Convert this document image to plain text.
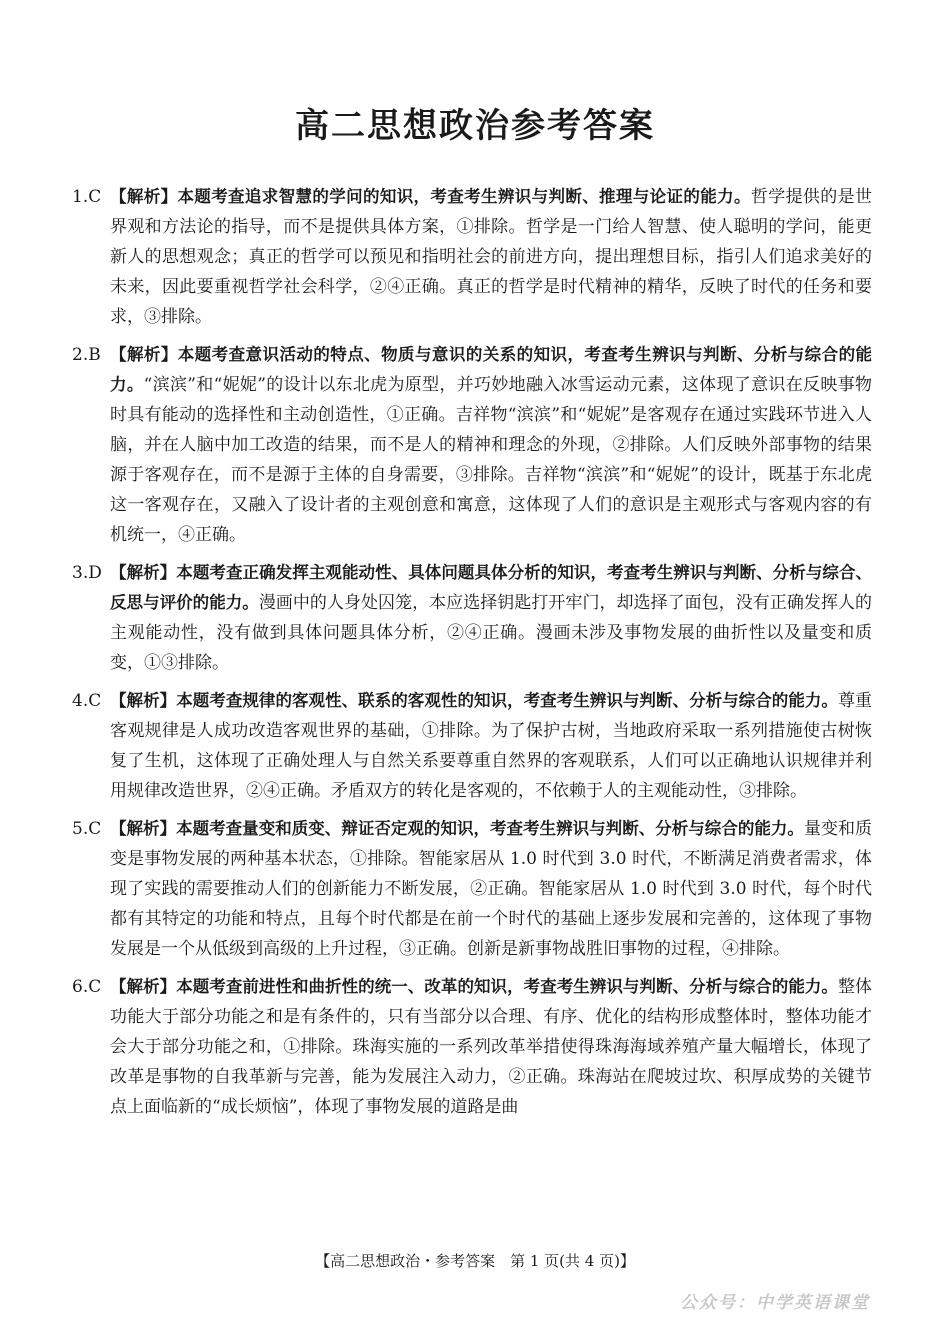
高二思想政治参考答案
1.C 【解析】本题考查追求智慧的学问的知识，考查考生辨识与判断、推理与论证的能力。哲学提供的是世界观和方法论的指导，而不是提供具体方案，①排除。哲学是一门给人智慧、使人聪明的学问，能更新人的思想观念；真正的哲学可以预见和指明社会的前进方向，提出理想目标，指引人们追求美好的未来，因此要重视哲学社会科学，②④正确。真正的哲学是时代精神的精华，反映了时代的任务和要求，③排除。
2.B 【解析】本题考查意识活动的特点、物质与意识的关系的知识，考查考生辨识与判断、分析与综合的能力。“滨滨”和“妮妮”的设计以东北虎为原型，并巧妙地融入冰雪运动元素，这体现了意识在反映事物时具有能动的选择性和主动创造性，①正确。吉祥物“滨滨”和“妮妮”是客观存在通过实践环节进入人脑，并在人脑中加工改造的结果，而不是人的精神和理念的外现，②排除。人们反映外部事物的结果源于客观存在，而不是源于主体的自身需要，③排除。吉祥物“滨滨”和“妮妮”的设计，既基于东北虎这一客观存在，又融入了设计者的主观创意和寓意，这体现了人们的意识是主观形式与客观内容的有机统一，④正确。
3.D 【解析】本题考查正确发挥主观能动性、具体问题具体分析的知识，考查考生辨识与判断、分析与综合、反思与评价的能力。漫画中的人身处囚笼，本应选择钥匙打开牢门，却选择了面包，没有正确发挥人的主观能动性，没有做到具体问题具体分析，②④正确。漫画未涉及事物发展的曲折性以及量变和质变，①③排除。
4.C 【解析】本题考查规律的客观性、联系的客观性的知识，考查考生辨识与判断、分析与综合的能力。尊重客观规律是人成功改造客观世界的基础，①排除。为了保护古树，当地政府采取一系列措施使古树恢复了生机，这体现了正确处理人与自然关系要尊重自然界的客观联系，人们可以正确地认识规律并利用规律改造世界，②④正确。矛盾双方的转化是客观的，不依赖于人的主观能动性，③排除。
5.C 【解析】本题考查量变和质变、辩证否定观的知识，考查考生辨识与判断、分析与综合的能力。量变和质变是事物发展的两种基本状态，①排除。智能家居从 1.0 时代到 3.0 时代，不断满足消费者需求，体现了实践的需要推动人们的创新能力不断发展，②正确。智能家居从 1.0 时代到 3.0 时代，每个时代都有其特定的功能和特点，且每个时代都是在前一个时代的基础上逐步发展和完善的，这体现了事物发展是一个从低级到高级的上升过程，③正确。创新是新事物战胜旧事物的过程，④排除。
6.C 【解析】本题考查前进性和曲折性的统一、改革的知识，考查考生辨识与判断、分析与综合的能力。整体功能大于部分功能之和是有条件的，只有当部分以合理、有序、优化的结构形成整体时，整体功能才会大于部分功能之和，①排除。珠海实施的一系列改革举措使得珠海海域养殖产量大幅增长，体现了改革是事物的自我革新与完善，能为发展注入动力，②正确。珠海站在爬坡过坎、积厚成势的关键节点上面临新的“成长烦恼”，体现了事物发展的道路是曲
【高二思想政治・参考答案　第 1 页(共 4 页)】
公众号：中学英语课堂
